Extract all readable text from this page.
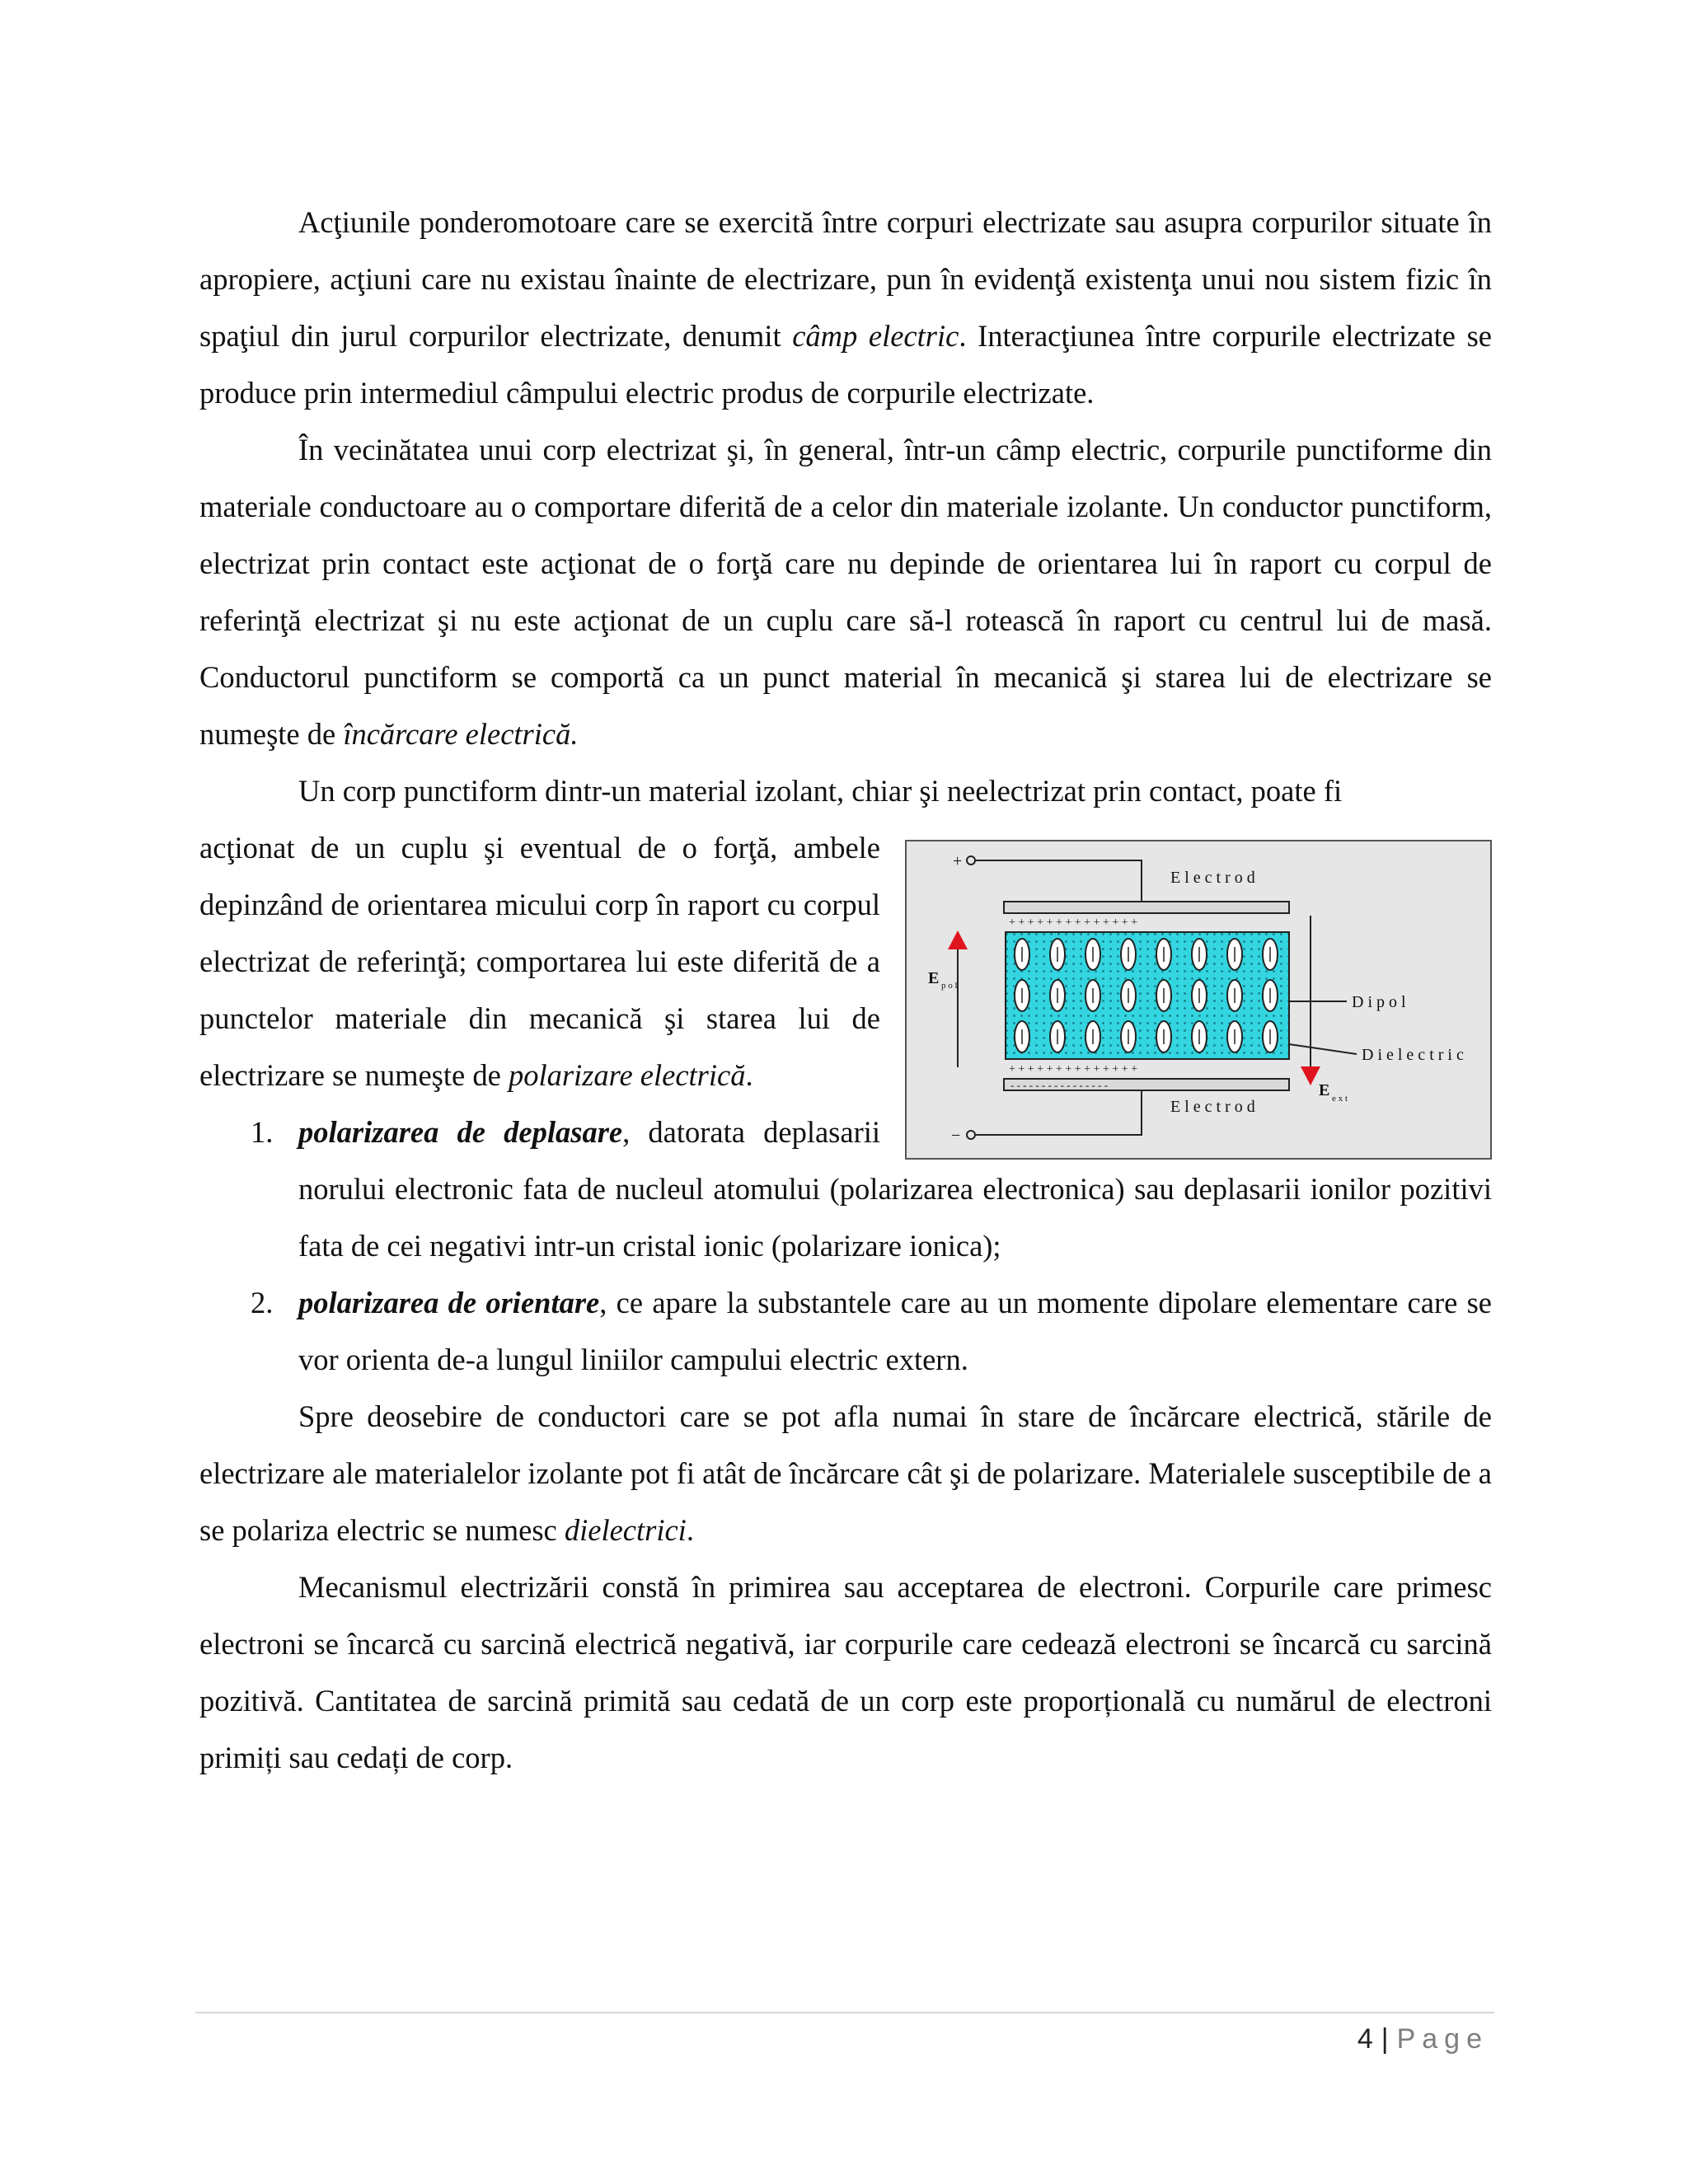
Acţiunile ponderomotoare care se exercită între corpuri electrizate sau asupra corpurilor situate în apropiere, acţiuni care nu existau înainte de electrizare, pun în evidenţă existenţa unui nou sistem fizic în spaţiul din jurul corpurilor electrizate, denumit câmp electric. Interacţiunea între corpurile electrizate se produce prin intermediul câmpului electric produs de corpurile electrizate.

În vecinătatea unui corp electrizat şi, în general, într-un câmp electric, corpurile punctiforme din materiale conductoare au o comportare diferită de a celor din materiale izolante. Un conductor punctiform, electrizat prin contact este acţionat de o forţă care nu depinde de orientarea lui în raport cu corpul de referinţă electrizat şi nu este acţionat de un cuplu care să-l rotească în raport cu centrul lui de masă. Conductorul punctiform se comportă ca un punct material în mecanică şi starea lui de electrizare se numeşte de încărcare electrică.

Un corp punctiform dintr-un material izolant, chiar şi neelectrizat prin contact, poate fi

+
E l e c t r o d
+ + + + + + + + + + + + + +
+ + + + + + + + + + + + + +
- - - - - - - - - - - - - - - -
E l e c t r o d
−
E p o l
E e x t
D i p o l
D i e l e c t r i c

acţionat de un cuplu şi eventual de o forţă, ambele depinzând de orientarea micului corp în raport cu corpul electrizat de referinţă; comportarea lui este diferită de a punctelor materiale din mecanică şi starea lui de electrizare se numeşte de polarizare electrică.

1. polarizarea de deplasare, datorata deplasarii norului electronic fata de nucleul atomului (polarizarea electronica) sau deplasarii ionilor pozitivi fata de cei negativi intr-un cristal ionic (polarizare ionica);
2. polarizarea de orientare, ce apare la substantele care au un momente dipolare elementare care se vor orienta de-a lungul liniilor campului electric extern.

Spre deosebire de conductori care se pot afla numai în stare de încărcare electrică, stările de electrizare ale materialelor izolante pot fi atât de încărcare cât şi de polarizare. Materialele susceptibile de a se polariza electric se numesc dielectrici.

Mecanismul electrizării constă în primirea sau acceptarea de electroni. Corpurile care primesc electroni se încarcă cu sarcină electrică negativă, iar corpurile care cedează electroni se încarcă cu sarcină pozitivă. Cantitatea de sarcină primită sau cedată de un corp este proporțională cu numărul de electroni primiți sau cedați de corp.

4 | Page
